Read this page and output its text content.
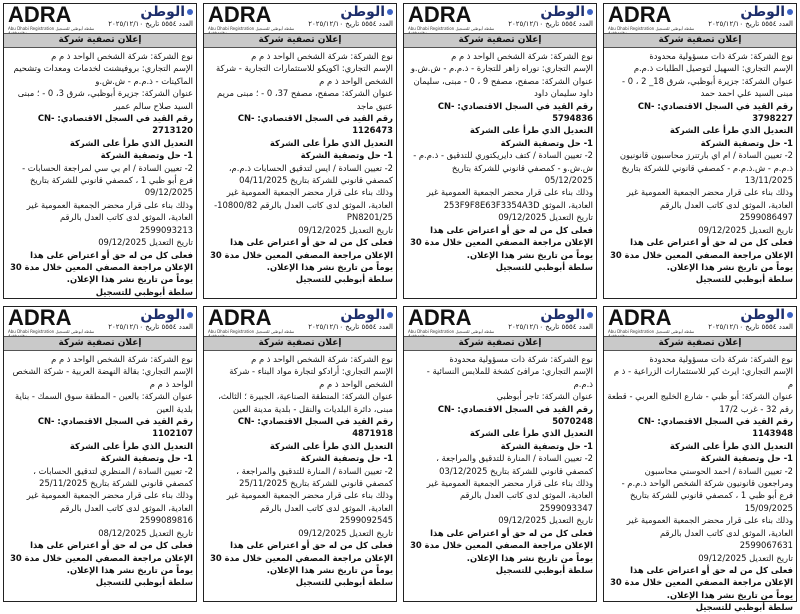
ADRA
سلطة أبوظبي للتسجيل Abu Dhabi Registration
الوطن
العدد ٥٥٥٤ تاريخ ٢٠٢٥/١٢/١٠
إعلان تصفية شركة

نوع الشركة: شركة ذات مسؤولية محدودة

الإسم التجاري: السهيل لتوصيل الطلبات ذ.م.م

عنوان الشركة: جزيرة أبوظبي، شرق 18_ 2 ، 0 - مبنى السيد علي احمد حمد

رقم القيد في السجل الاقتصادي: CN-3798227

التعديل الذي طرأ على الشركة

1- حل وتصفية الشركة

2- تعيين السادة / ام اي بارتنرز محاسبون قانونيون ذ.م.م - ش.ذ.م.م - كمصفي قانوني للشركة بتاريخ 13/11/2025

وذلك بناء على قرار محضر الجمعية العمومية غير العادية، الموثق لدى كاتب العدل بالرقم 2599086497

تاريخ التعديل 09/12/2025

فعلى كل من له حق أو اعتراض على هذا الإعلان مراجعة المصفي المعين خلال مدة 30 يوماً من تاريخ نشر هذا الإعلان.

سلطة أبوظبي للتسجيل

ADRA
سلطة أبوظبي للتسجيل Abu Dhabi Registration
الوطن
العدد ٥٥٥٤ تاريخ ٢٠٢٥/١٢/١٠
إعلان تصفية شركة

نوع الشركة: شركة الشخص الواحد ذ م م

الإسم التجاري: نوراه زاهر للتجارة - ذ.م.م - ش.ش.و

عنوان الشركة: مصفح، مصفح 9 ، 0 - مبنى، سليمان داود سليمان داود

رقم القيد في السجل الاقتصادي: CN-5794836

التعديل الذي طرأ على الشركة

1- حل وتصفية الشركة

2- تعيين السادة / كتف دايريكتوري للتدقيق - ذ.م.م - ش.ش.و - كمصفي قانوني للشركة بتاريخ 05/12/2025

وذلك بناء على قرار محضر الجمعية العمومية غير العادية، الموثق 253F9F8E63F3354A3D

تاريخ التعديل 09/12/2025

فعلى كل من له حق أو اعتراض على هذا الإعلان مراجعة المصفي المعين خلال مدة 30 يوماً من تاريخ نشر هذا الإعلان.

سلطة أبوظبي للتسجيل

ADRA
سلطة أبوظبي للتسجيل Abu Dhabi Registration
الوطن
العدد ٥٥٥٤ تاريخ ٢٠٢٥/١٢/١٠
إعلان تصفية شركة

نوع الشركة: شركة الشخص الواحد ذ م م

الإسم التجاري: اكويكو للاستثمارات التجارية - شركة الشخص الواحد ذ م م

عنوان الشركة: مصفح، مصفح 37، 0 - ؛ مبنى مريم عتيق ماجد

رقم القيد في السجل الاقتصادي: CN-1126473

التعديل الذي طرأ على الشركة

1- حل وتصفية الشركة

2- تعيين السادة / ايس لتدقيق الحسابات ذ.م.م، كمصفي قانوني للشركة بتاريخ 04/11/2025

وذلك بناء على قرار محضر الجمعية العمومية غير العادية، الموثق لدى كاتب العدل بالرقم 10800/82-PN8201/25

تاريخ التعديل 09/12/2025

فعلى كل من له حق أو اعتراض على هذا الإعلان مراجعة المصفي المعين خلال مدة 30 يوماً من تاريخ نشر هذا الإعلان.

سلطة أبوظبي للتسجيل

ADRA
سلطة أبوظبي للتسجيل Abu Dhabi Registration
الوطن
العدد ٥٥٥٤ تاريخ ٢٠٢٥/١٢/١٠
إعلان تصفية شركة

نوع الشركة: شركة الشخص الواحد ذ م م

الإسم التجاري: بروفيشنت لخدمات ومعدات وتشحيم الماكينات - ذ.م.م - ش.ش.و

عنوان الشركة: جزيرة أبوظبي، شرق 3، 0 - ؛ مبنى السيد صلاح سالم عمير

رقم القيد في السجل الاقتصادي: CN-2713120

التعديل الذي طرأ على الشركة

1- حل وتصفية الشركة

2- تعيين السادة / ام بي سي لمراجعة الحسابات - فرع أبو ظبي 1 ، كمصفي قانوني للشركة بتاريخ 09/12/2025

وذلك بناء على قرار محضر الجمعية العمومية غير العادية، الموثق لدى كاتب العدل بالرقم 2599093213

تاريخ التعديل 09/12/2025

فعلى كل من له حق أو اعتراض على هذا الإعلان مراجعة المصفي المعين خلال مدة 30 يوماً من تاريخ نشر هذا الإعلان.

سلطة أبوظبي للتسجيل

ADRA
سلطة أبوظبي للتسجيل Abu Dhabi Registration
الوطن
العدد ٥٥٥٤ تاريخ ٢٠٢٥/١٢/١٠
إعلان تصفية شركة

نوع الشركة: شركة ذات مسؤولية محدودة

الإسم التجاري: ايرث كير للاستثمارات الزراعية - ذ م م

عنوان الشركة: أبو ظبي - شارع الخليج العربي - قطعة رقم 32 - غرب 17/2

رقم القيد في السجل الاقتصادي: CN-1143948

التعديل الذي طرأ على الشركة

1- حل وتصفية الشركة

2- تعيين السادة / احمد الحوسني محاسبون ومراجعون قانونيون شركة الشخص الواحد ذ.م.م - فرع أبو ظبي 1 ، كمصفي قانوني للشركة بتاريخ 15/09/2025

وذلك بناء على قرار محضر الجمعية العمومية غير العادية، الموثق لدى كاتب العدل بالرقم 2599067631

تاريخ التعديل 09/12/2025

فعلى كل من له حق أو اعتراض على هذا الإعلان مراجعة المصفي المعين خلال مدة 30 يوماً من تاريخ نشر هذا الإعلان.

سلطة أبوظبي للتسجيل

ADRA
سلطة أبوظبي للتسجيل Abu Dhabi Registration
الوطن
العدد ٥٥٥٤ تاريخ ٢٠٢٥/١٢/١٠
إعلان تصفية شركة

نوع الشركة: شركة ذات مسؤولية محدودة

الإسم التجاري: مرافئ كشخة للملابس النسائية - ذ.م.م

عنوان الشركة: تاجر أبوظبي

رقم القيد في السجل الاقتصادي: CN-5070248

التعديل الذي طرأ على الشركة

1- حل وتصفية الشركة

2- تعيين السادة / المنارة للتدقيق والمراجعة ، كمصفي قانوني للشركة بتاريخ 03/12/2025

وذلك بناء على قرار محضر الجمعية العمومية غير العادية، الموثق لدى كاتب العدل بالرقم 2599093347

تاريخ التعديل 09/12/2025

فعلى كل من له حق أو اعتراض على هذا الإعلان مراجعة المصفي المعين خلال مدة 30 يوماً من تاريخ نشر هذا الإعلان.

سلطة أبوظبي للتسجيل

ADRA
سلطة أبوظبي للتسجيل Abu Dhabi Registration
الوطن
العدد ٥٥٥٤ تاريخ ٢٠٢٥/١٢/١٠
إعلان تصفية شركة

نوع الشركة: شركة الشخص الواحد ذ م م

الإسم التجاري: أرادكو لتجارة مواد البناء - شركة الشخص الواحد ذ م م

عنوان الشركة: المنطقة الصناعية، الجبيرة ؛ الثالث، مبنى، دائرة البلديات والنقل - بلدية مدينة العين

رقم القيد في السجل الاقتصادي: CN-4871918

التعديل الذي طرأ على الشركة

1- حل وتصفية الشركة

2- تعيين السادة / المنارة للتدقيق والمراجعة ، كمصفي قانوني للشركة بتاريخ 25/11/2025

وذلك بناء على قرار محضر الجمعية العمومية غير العادية، الموثق لدى كاتب العدل بالرقم 2599092545

تاريخ التعديل 09/12/2025

فعلى كل من له حق أو اعتراض على هذا الإعلان مراجعة المصفي المعين خلال مدة 30 يوماً من تاريخ نشر هذا الإعلان.

سلطة أبوظبي للتسجيل

ADRA
سلطة أبوظبي للتسجيل Abu Dhabi Registration
الوطن
العدد ٥٥٥٤ تاريخ ٢٠٢٥/١٢/١٠
إعلان تصفية شركة

نوع الشركة: شركة الشخص الواحد ذ م م

الإسم التجاري: بقالة النهضة العربية - شركة الشخص الواحد ذ م م

عنوان الشركة: بالعين - المطقة سوق السمك - بناية بلدية العين

رقم القيد في السجل الاقتصادي: CN-1102107

التعديل الذي طرأ على الشركة

1- حل وتصفية الشركة

2- تعيين السادة / المنظري لتدقيق الحسابات ، كمصفي قانوني للشركة بتاريخ 25/11/2025

وذلك بناء على قرار محضر الجمعية العمومية غير العادية، الموثق لدى كاتب العدل بالرقم 2599089816

تاريخ التعديل 08/12/2025

فعلى كل من له حق أو اعتراض على هذا الإعلان مراجعة المصفي المعين خلال مدة 30 يوماً من تاريخ نشر هذا الإعلان.

سلطة أبوظبي للتسجيل
